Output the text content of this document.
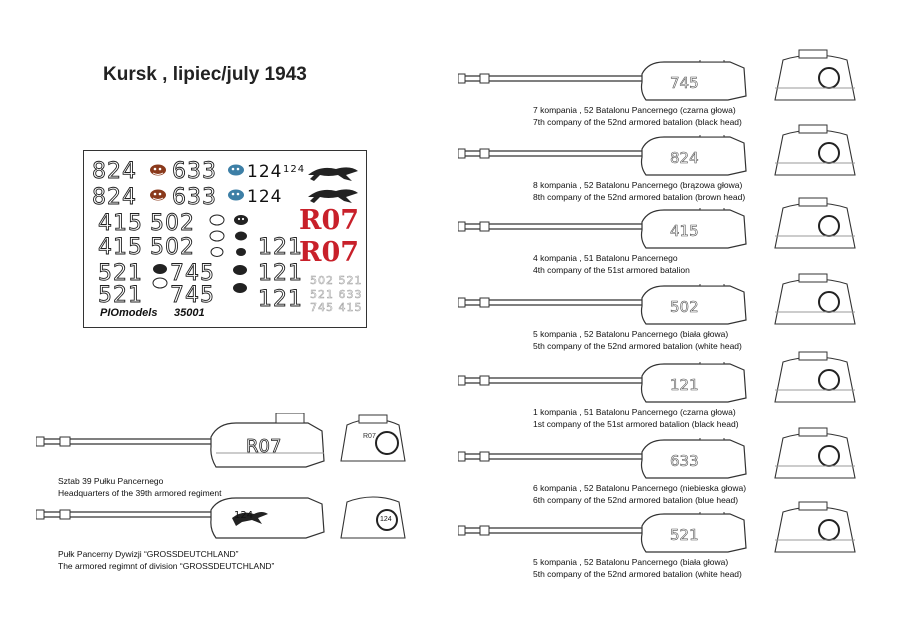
Kursk , lipiec/july 1943
824 633 124 124
824 633 124
415 502
415 502	121
521 745 121
521 745 121
R07
R07
502 521
521 633
745 415
PIOmodels 35001
R07	R07
Sztab 39 Pułku Pancernego
Headquarters of the 39th armored regiment
124	124
Pułk Pancerny Dywizji “GROSSDEUTCHLAND”
The armored regimnt of division “GROSSDEUTCHLAND”
745
7 kompania , 52 Batalonu Pancernego (czarna głowa)
7th company of the 52nd armored batalion (black head)
824
8 kompania , 52 Batalonu Pancernego (brązowa głowa)
8th company of the 52nd armored batalion (brown head)
415
4 kompania , 51 Batalonu Pancernego
4th company of the 51st armored batalion
502
5 kompania , 52 Batalonu Pancernego (biała głowa)
5th company of the 52nd armored batalion (white head)
121
1 kompania , 51 Batalonu Pancernego (czarna głowa)
1st company of the 51st armored batalion (black head)
633
6 kompania , 52 Batalonu Pancernego (niebieska głowa)
6th company of the 52nd armored batalion (blue head)
521
5 kompania , 52 Batalonu Pancernego (biała głowa)
5th company of the 52nd armored batalion (white head)
